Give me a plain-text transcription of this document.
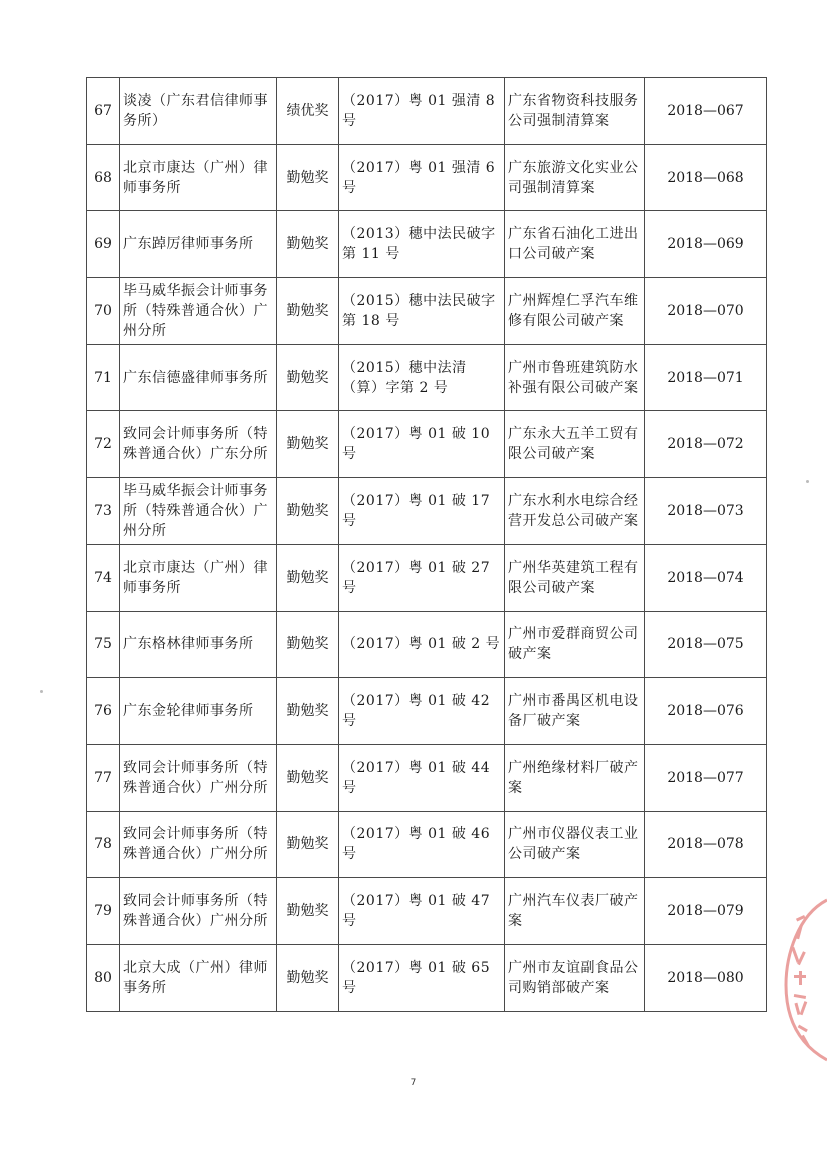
67	谈凌（广东君信律师事务所）	绩优奖	（2017）粤 01 强清 8 号	广东省物资科技服务公司强制清算案	2018—067
68	北京市康达（广州）律师事务所	勤勉奖	（2017）粤 01 强清 6 号	广东旅游文化实业公司强制清算案	2018—068
69	广东踔厉律师事务所	勤勉奖	（2013）穗中法民破字第 11 号	广东省石油化工进出口公司破产案	2018—069
70	毕马威华振会计师事务所（特殊普通合伙）广州分所	勤勉奖	（2015）穗中法民破字第 18 号	广州辉煌仁孚汽车维修有限公司破产案	2018—070
71	广东信德盛律师事务所	勤勉奖	（2015）穗中法清（算）字第 2 号	广州市鲁班建筑防水补强有限公司破产案	2018—071
72	致同会计师事务所（特殊普通合伙）广东分所	勤勉奖	（2017）粤 01 破 10 号	广东永大五羊工贸有限公司破产案	2018—072
73	毕马威华振会计师事务所（特殊普通合伙）广州分所	勤勉奖	（2017）粤 01 破 17 号	广东水利水电综合经营开发总公司破产案	2018—073
74	北京市康达（广州）律师事务所	勤勉奖	（2017）粤 01 破 27 号	广州华英建筑工程有限公司破产案	2018—074
75	广东格林律师事务所	勤勉奖	（2017）粤 01 破 2 号	广州市爱群商贸公司破产案	2018—075
76	广东金轮律师事务所	勤勉奖	（2017）粤 01 破 42 号	广州市番禺区机电设备厂破产案	2018—076
77	致同会计师事务所（特殊普通合伙）广州分所	勤勉奖	（2017）粤 01 破 44 号	广州绝缘材料厂破产案	2018—077
78	致同会计师事务所（特殊普通合伙）广州分所	勤勉奖	（2017）粤 01 破 46 号	广州市仪器仪表工业公司破产案	2018—078
79	致同会计师事务所（特殊普通合伙）广州分所	勤勉奖	（2017）粤 01 破 47 号	广州汽车仪表厂破产案	2018—079
80	北京大成（广州）律师事务所	勤勉奖	（2017）粤 01 破 65 号	广州市友谊副食品公司购销部破产案	2018—080
7
